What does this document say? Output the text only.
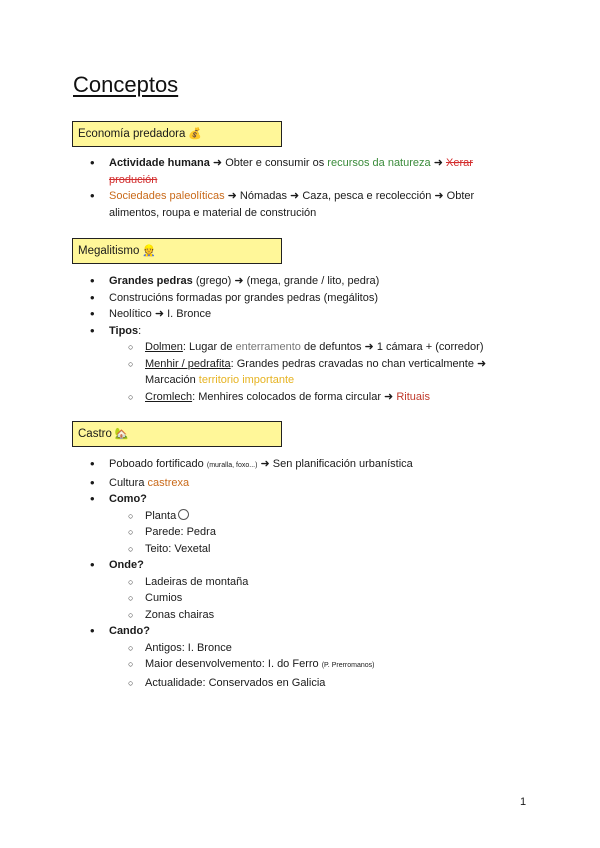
Conceptos
Economía predadora 💰
• Actividade humana ➜ Obter e consumir os recursos da natureza ➜ Xerar produción
• Sociedades paleolíticas ➜ Nómadas ➜ Caza, pesca e recolección ➜ Obter alimentos, roupa e material de construción
Megalitismo 👷
• Grandes pedras (grego) ➜ (mega, grande / lito, pedra)
• Construcións formadas por grandes pedras (megálitos)
• Neolítico ➜ I. Bronce
• Tipos:
○ Dolmen: Lugar de enterramento de defuntos ➜ 1 cámara + (corredor)
○ Menhir / pedrafita: Grandes pedras cravadas no chan verticalmente ➜ Marcación territorio importante
○ Cromlech: Menhires colocados de forma circular ➜ Rituais
Castro 🏡
• Poboado fortificado (muralla, foxo...) ➜ Sen planificación urbanística
• Cultura castrexa
• Como?
○ Planta
○ Parede: Pedra
○ Teito: Vexetal
• Onde?
○ Ladeiras de montaña
○ Cumios
○ Zonas chairas
• Cando?
○ Antigos: I. Bronce
○ Maior desenvolvemento: I. do Ferro (P. Prerromanos)
○ Actualidade: Conservados en Galicia
1
